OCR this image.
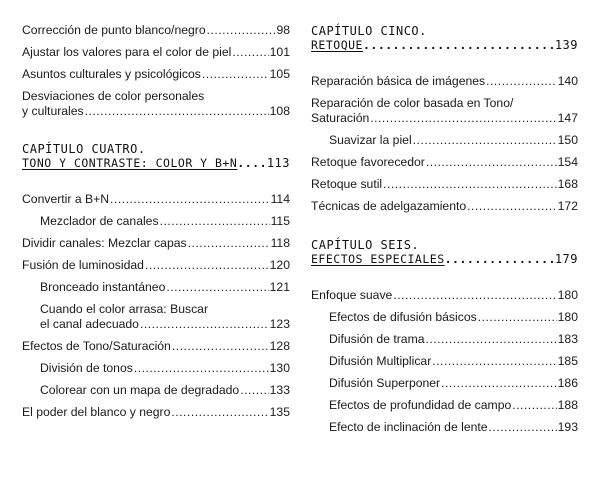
Corrección de punto blanco/negro .....	98
Ajustar los valores para el color de piel .....	101
Asuntos culturales y psicológicos .....	105
Desviaciones de color personales
y culturales .....	108
CAPÍTULO CUATRO.
TONO Y CONTRASTE: COLOR Y B+N ..... 113
Convertir a B+N .....	114
Mezclador de canales .....	115
Dividir canales: Mezclar capas .....	118
Fusión de luminosidad .....	120
Bronceado instantáneo .....	121
Cuando el color arrasa: Buscar
el canal adecuado .....	123
Efectos de Tono/Saturación .....	128
División de tonos .....	130
Colorear con un mapa de degradado ..... 133
El poder del blanco y negro .....	135
CAPÍTULO CINCO.
RETOQUE .....	139
Reparación básica de imágenes .....	140
Reparación de color basada en Tono/
Saturación .....	147
Suavizar la piel .....	150
Retoque favorecedor .....	154
Retoque sutil .....	168
Técnicas de adelgazamiento .....	172
CAPÍTULO SEIS.
EFECTOS ESPECIALES .....	179
Enfoque suave .....	180
Efectos de difusión básicos .....	180
Difusión de trama .....	183
Difusión Multiplicar .....	185
Difusión Superponer .....	186
Efectos de profundidad de campo .....	188
Efecto de inclinación de lente .....	193
